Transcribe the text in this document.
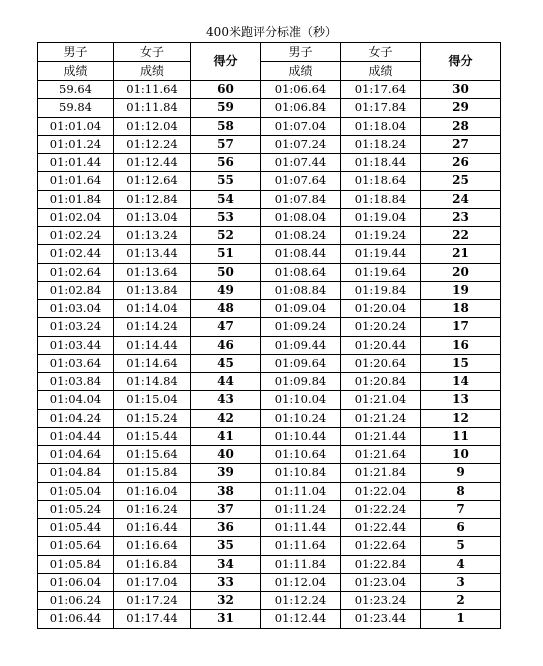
400米跑评分标准（秒）
男子	女子	得分	男子	女子	得分
成绩	成绩		成绩	成绩	
59.64	01:11.64	60	01:06.64	01:17.64	30
59.84	01:11.84	59	01:06.84	01:17.84	29
01:01.04	01:12.04	58	01:07.04	01:18.04	28
01:01.24	01:12.24	57	01:07.24	01:18.24	27
01:01.44	01:12.44	56	01:07.44	01:18.44	26
01:01.64	01:12.64	55	01:07.64	01:18.64	25
01:01.84	01:12.84	54	01:07.84	01:18.84	24
01:02.04	01:13.04	53	01:08.04	01:19.04	23
01:02.24	01:13.24	52	01:08.24	01:19.24	22
01:02.44	01:13.44	51	01:08.44	01:19.44	21
01:02.64	01:13.64	50	01:08.64	01:19.64	20
01:02.84	01:13.84	49	01:08.84	01:19.84	19
01:03.04	01:14.04	48	01:09.04	01:20.04	18
01:03.24	01:14.24	47	01:09.24	01:20.24	17
01:03.44	01:14.44	46	01:09.44	01:20.44	16
01:03.64	01:14.64	45	01:09.64	01:20.64	15
01:03.84	01:14.84	44	01:09.84	01:20.84	14
01:04.04	01:15.04	43	01:10.04	01:21.04	13
01:04.24	01:15.24	42	01:10.24	01:21.24	12
01:04.44	01:15.44	41	01:10.44	01:21.44	11
01:04.64	01:15.64	40	01:10.64	01:21.64	10
01:04.84	01:15.84	39	01:10.84	01:21.84	9
01:05.04	01:16.04	38	01:11.04	01:22.04	8
01:05.24	01:16.24	37	01:11.24	01:22.24	7
01:05.44	01:16.44	36	01:11.44	01:22.44	6
01:05.64	01:16.64	35	01:11.64	01:22.64	5
01:05.84	01:16.84	34	01:11.84	01:22.84	4
01:06.04	01:17.04	33	01:12.04	01:23.04	3
01:06.24	01:17.24	32	01:12.24	01:23.24	2
01:06.44	01:17.44	31	01:12.44	01:23.44	1
